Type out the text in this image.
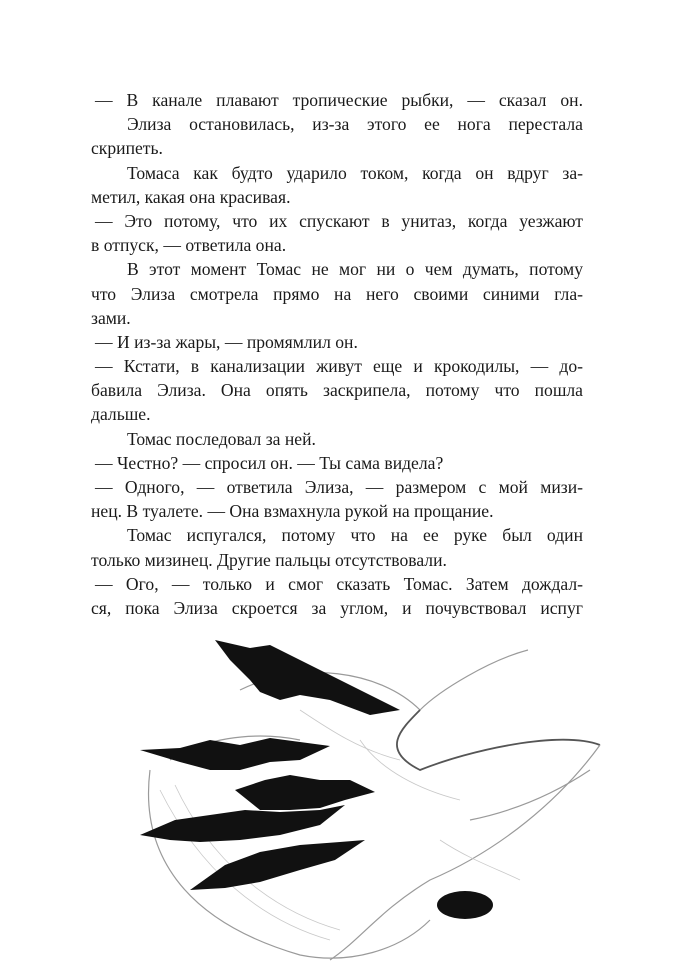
— В канале плавают тропические рыбки, — сказал он.
Элиза остановилась, из-за этого ее нога перестала
скрипеть.
Томаса как будто ударило током, когда он вдруг за-
метил, какая она красивая.
— Это потому, что их спускают в унитаз, когда уезжают
в отпуск, — ответила она.
В этот момент Томас не мог ни о чем думать, потому
что Элиза смотрела прямо на него своими синими гла-
зами.
— И из-за жары, — промямлил он.
— Кстати, в канализации живут еще и крокодилы, — до-
бавила Элиза. Она опять заскрипела, потому что пошла
дальше.
Томас последовал за ней.
— Честно? — спросил он. — Ты сама видела?
— Одного, — ответила Элиза, — размером с мой мизи-
нец. В туалете. — Она взмахнула рукой на прощание.
Томас испугался, потому что на ее руке был один
только мизинец. Другие пальцы отсутствовали.
— Ого, — только и смог сказать Томас. Затем дождал-
ся, пока Элиза скроется за углом, и почувствовал испуг
